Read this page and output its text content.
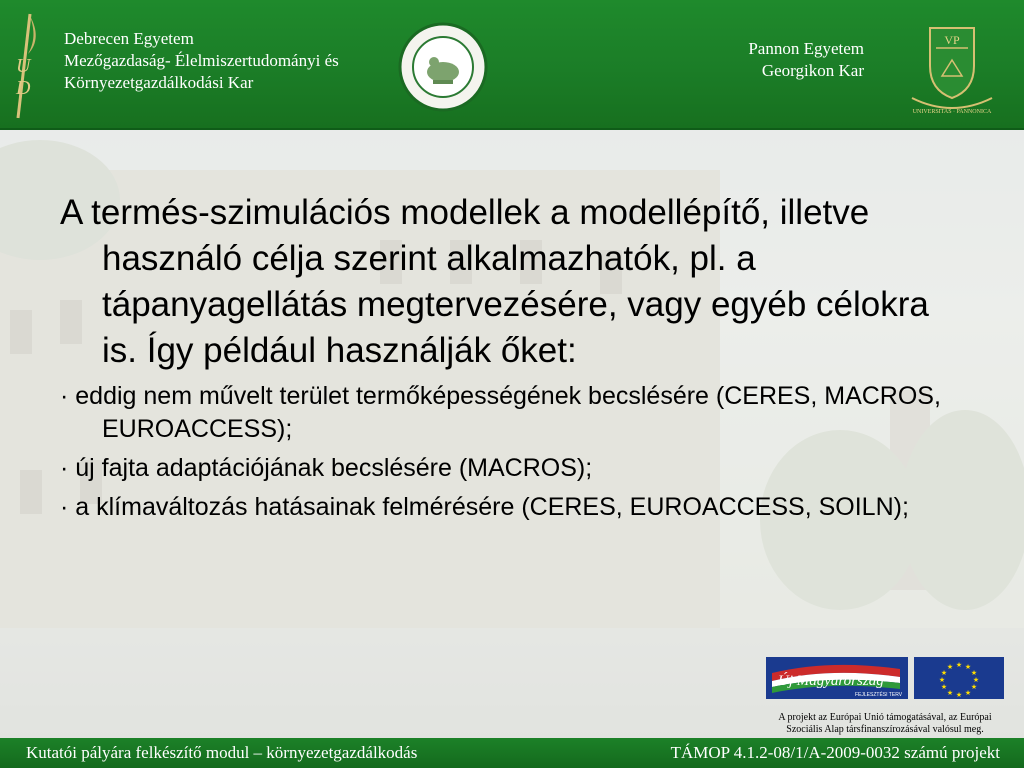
U
D
Debrecen Egyetem
Mezőgazdaság- Élelmiszertudományi és
Környezetgazdálkodási Kar
Pannon Egyetem
Georgikon Kar
VP
UNIVERSITAS · PANNONICA

A termés-szimulációs modellek a modellépítő, illetve használó célja szerint alkalmazhatók, pl. a tápanyagellátás megtervezésére, vagy egyéb célokra is. Így például használják őket:

· eddig nem művelt terület termőképességének becslésére (CERES, MACROS, EUROACCESS);

· új fajta adaptációjának becslésére (MACROS);

· a klímaváltozás hatásainak felmérésére (CERES, EUROACCESS, SOILN);

Új Magyarország
FEJLESZTÉSI TERV
★ ★
★
★
★
★
★
★
★
★
★
★
A projekt az Európai Unió támogatásával, az Európai
Szociális Alap társfinanszírozásával valósul meg.
Kutatói pályára felkészítő modul – környezetgazdálkodás	TÁMOP 4.1.2-08/1/A-2009-0032 számú projekt
